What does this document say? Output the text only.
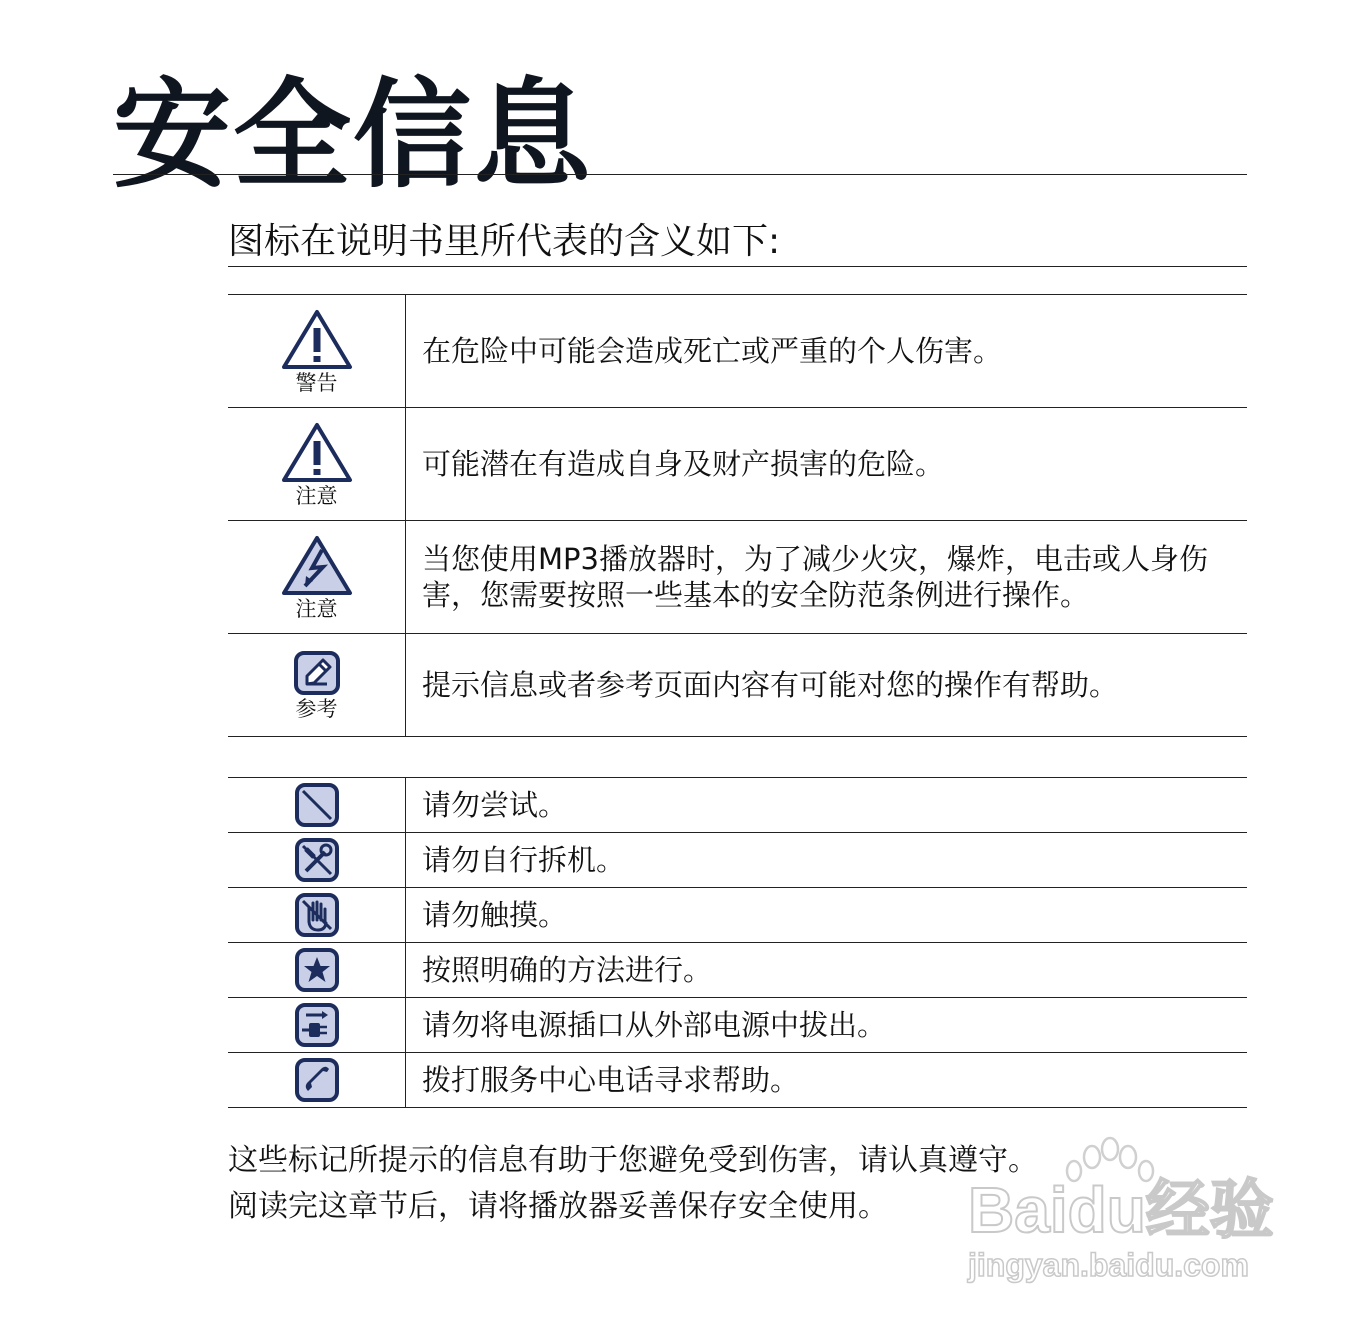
安全信息
图标在说明书里所代表的含义如下:
警告
在危险中可能会造成死亡或严重的个人伤害。
注意
可能潜在有造成自身及财产损害的危险。
注意
当您使用MP3播放器时，为了减少火灾，爆炸，电击或人身伤害，您需要按照一些基本的安全防范条例进行操作。
参考
提示信息或者参考页面内容有可能对您的操作有帮助。
请勿尝试。
请勿自行拆机。
请勿触摸。
按照明确的方法进行。
请勿将电源插口从外部电源中拔出。
拨打服务中心电话寻求帮助。
这些标记所提示的信息有助于您避免受到伤害，请认真遵守。
阅读完这章节后，请将播放器妥善保存安全使用。	Baidu经验
jingyan.baidu.com
